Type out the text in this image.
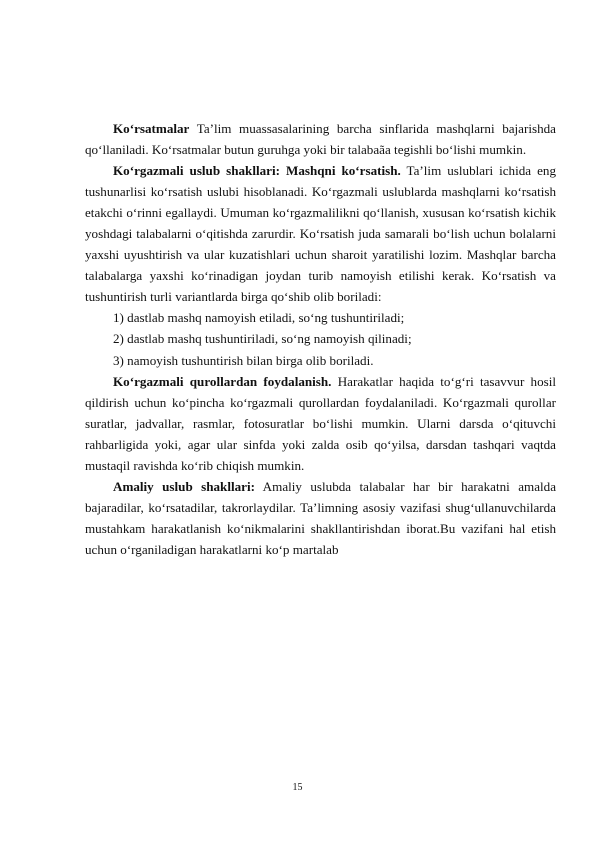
Ko‘rsatmalar Ta’lim muassasalarining barcha sinflarida mashqlarni bajarishda qo‘llaniladi. Ko‘rsatmalar butun guruhga yoki bir talabaãa tegishli bo‘lishi mumkin.

Ko‘rgazmali uslub shakllari: Mashqni ko‘rsatish. Ta’lim uslublari ichida eng tushunarlisi ko‘rsatish uslubi hisoblanadi. Ko‘rgazmali uslublarda mashqlarni ko‘rsatish etakchi o‘rinni egallaydi. Umuman ko‘rgazmalilikni qo‘llanish, xususan ko‘rsatish kichik yoshdagi talabalarni o‘qitishda zarurdir. Ko‘rsatish juda samarali bo‘lish uchun bolalarni yaxshi uyushtirish va ular kuzatishlari uchun sharoit yaratilishi lozim. Mashqlar barcha talabalarga yaxshi ko‘rinadigan joydan turib namoyish etilishi kerak. Ko‘rsatish va tushuntirish turli variantlarda birga qo‘shib olib boriladi:

1) dastlab mashq namoyish etiladi, so‘ng tushuntiriladi;

2) dastlab mashq tushuntiriladi, so‘ng namoyish qilinadi;

3) namoyish tushuntirish bilan birga olib boriladi.

Ko‘rgazmali qurollardan foydalanish. Harakatlar haqida to‘g‘ri tasavvur hosil qildirish uchun ko‘pincha ko‘rgazmali qurollardan foydalaniladi. Ko‘rgazmali qurollar suratlar, jadvallar, rasmlar, fotosuratlar bo‘lishi mumkin. Ularni darsda o‘qituvchi rahbarligida yoki, agar ular sinfda yoki zalda osib qo‘yilsa, darsdan tashqari vaqtda mustaqil ravishda ko‘rib chiqish mumkin.

Amaliy uslub shakllari: Amaliy uslubda talabalar har bir harakatni amalda bajaradilar, ko‘rsatadilar, takrorlaydilar. Ta’limning asosiy vazifasi shug‘ullanuvchilarda mustahkam harakatlanish ko‘nikmalarini shakllantirishdan iborat.Bu vazifani hal etish uchun o‘rganiladigan harakatlarni ko‘p martalab

15
